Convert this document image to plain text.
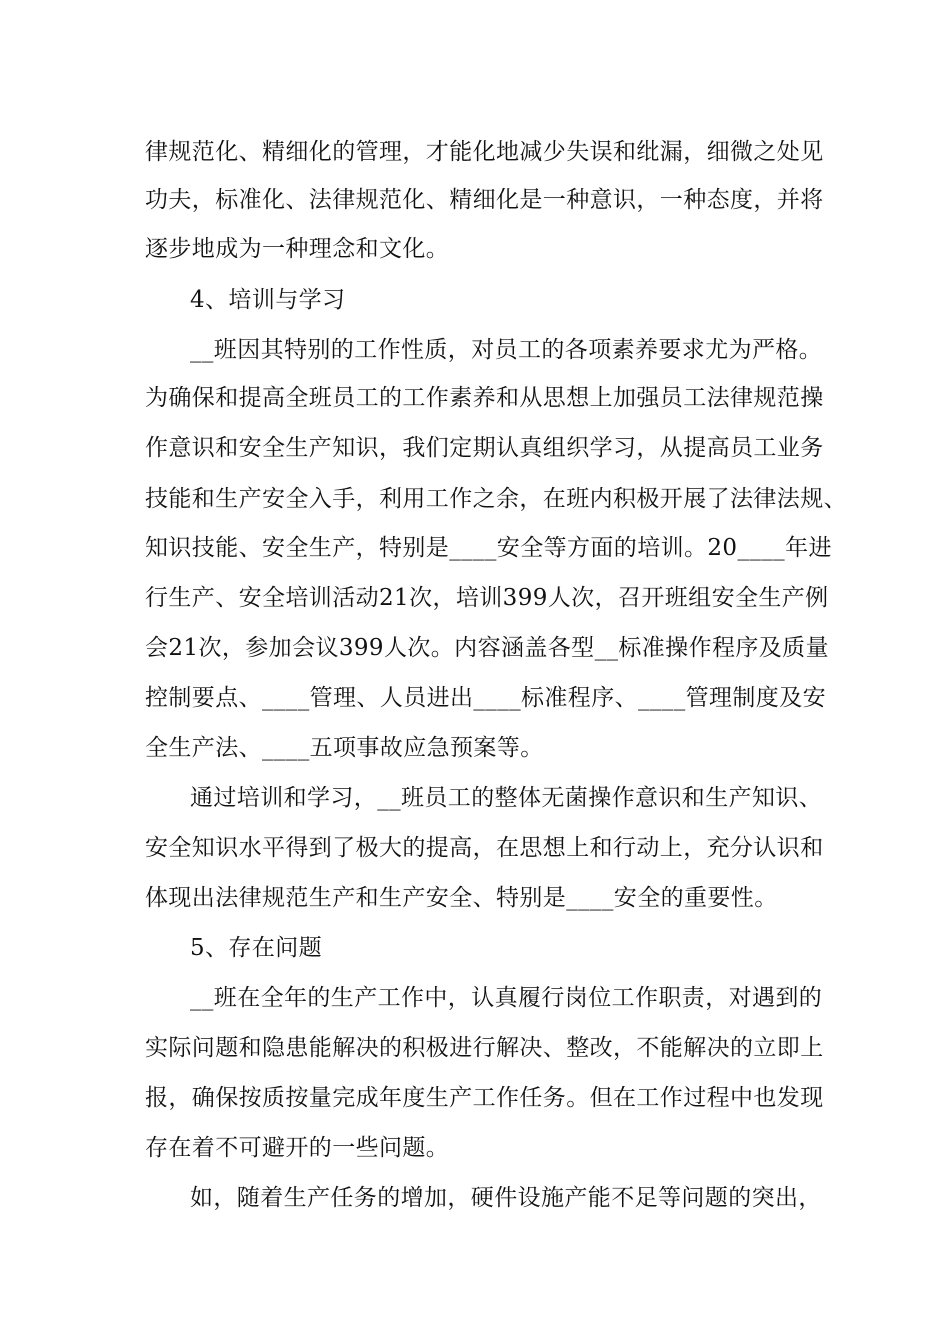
律规范化、精细化的管理，才能化地减少失误和纰漏，细微之处见
功夫，标准化、法律规范化、精细化是一种意识，一种态度，并将
逐步地成为一种理念和文化。
4、培训与学习
__班因其特别的工作性质，对员工的各项素养要求尤为严格。
为确保和提高全班员工的工作素养和从思想上加强员工法律规范操
作意识和安全生产知识，我们定期认真组织学习，从提高员工业务
技能和生产安全入手，利用工作之余，在班内积极开展了法律法规、
知识技能、安全生产，特别是____安全等方面的培训。20____年进
行生产、安全培训活动21次，培训399人次，召开班组安全生产例
会21次，参加会议399人次。内容涵盖各型__标准操作程序及质量
控制要点、____管理、人员进出____标准程序、____管理制度及安
全生产法、____五项事故应急预案等。
通过培训和学习，__班员工的整体无菌操作意识和生产知识、
安全知识水平得到了极大的提高，在思想上和行动上，充分认识和
体现出法律规范生产和生产安全、特别是____安全的重要性。
5、存在问题
__班在全年的生产工作中，认真履行岗位工作职责，对遇到的
实际问题和隐患能解决的积极进行解决、整改，不能解决的立即上
报，确保按质按量完成年度生产工作任务。但在工作过程中也发现
存在着不可避开的一些问题。
如，随着生产任务的增加，硬件设施产能不足等问题的突出，
